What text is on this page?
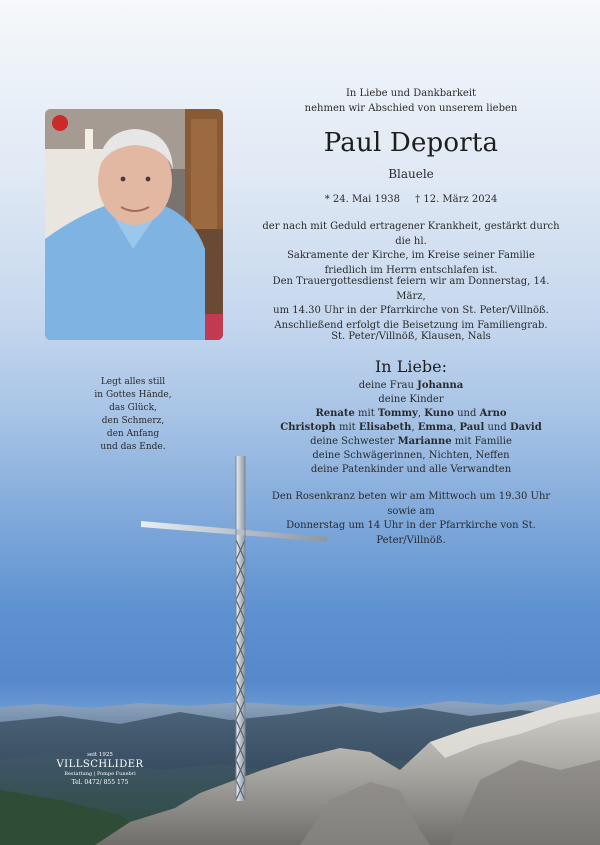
In Liebe und Dankbarkeit
nehmen wir Abschied von unserem lieben
Paul Deporta
Blauele
* 24. Mai 1938 † 12. März 2024
der nach mit Geduld ertragener Krankheit, gestärkt durch die hl.
Sakramente der Kirche, im Kreise seiner Familie
friedlich im Herrn entschlafen ist.
Den Trauergottesdienst feiern wir am Donnerstag, 14. März,
um 14.30 Uhr in der Pfarrkirche von St. Peter/Villnöß.
Anschließend erfolgt die Beisetzung im Familiengrab.
St. Peter/Villnöß, Klausen, Nals
In Liebe:
deine Frau Johanna
deine Kinder
Renate mit Tommy, Kuno und Arno
Christoph mit Elisabeth, Emma, Paul und David
deine Schwester Marianne mit Familie
deine Schwägerinnen, Nichten, Neffen
deine Patenkinder und alle Verwandten
Den Rosenkranz beten wir am Mittwoch um 19.30 Uhr sowie am
Donnerstag um 14 Uhr in der Pfarrkirche von St. Peter/Villnöß.
Legt alles still
in Gottes Hände,
das Glück,
den Schmerz,
den Anfang
und das Ende.
seit 1925
VILLSCHLIDER
Bestattung | Pompe Funebri
Tel. 0472/ 855 175
